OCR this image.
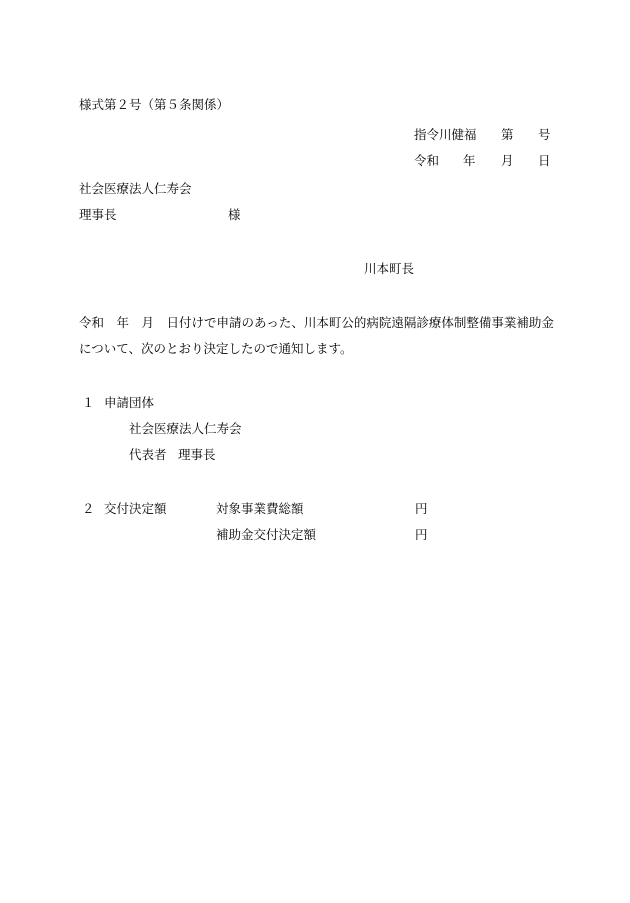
様式第２号（第５条関係）
指令川健福 第 号
令和 年 月 日
社会医療法人仁寿会
理事長	様
川本町長
令和　年　月　日付けで申請のあった、川本町公的病院遠隔診療体制整備事業補助金
について、次のとおり決定したので通知します。
１ 申請団体
社会医療法人仁寿会
代表者 理事長
２ 交付決定額	対象事業費総額	円
補助金交付決定額	円
